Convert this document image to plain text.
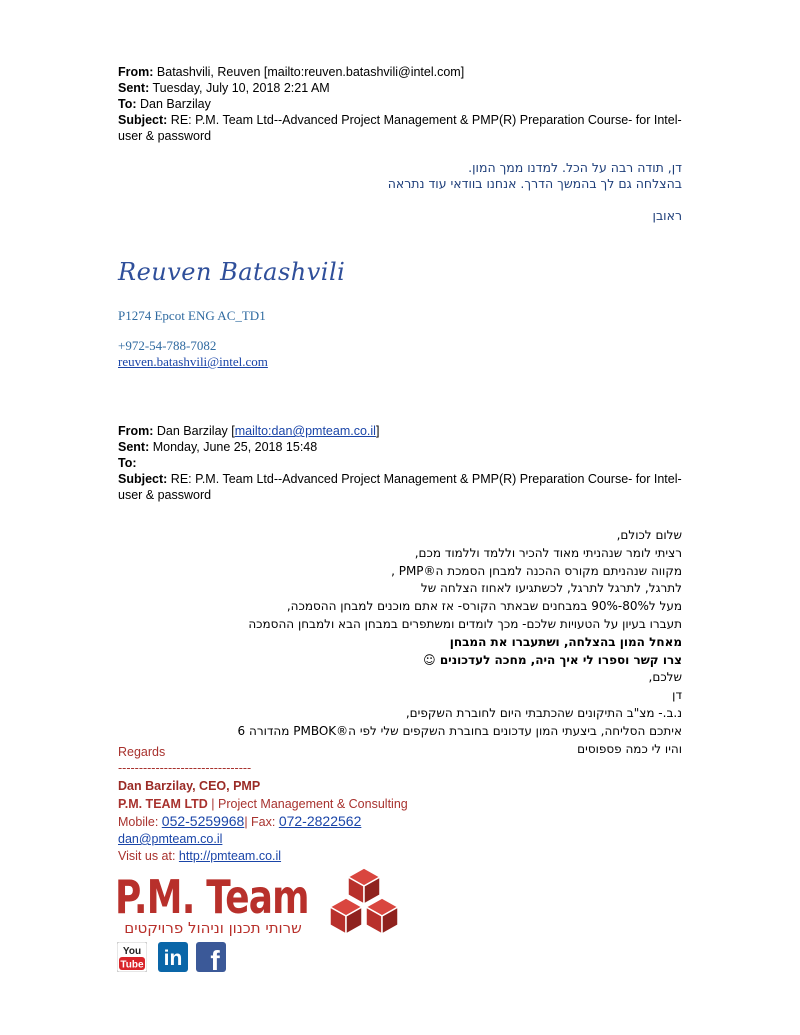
From: Batashvili, Reuven [mailto:reuven.batashvili@intel.com]
Sent: Tuesday, July 10, 2018 2:21 AM
To: Dan Barzilay
Subject: RE: P.M. Team Ltd--Advanced Project Management & PMP(R) Preparation Course- for Intel- user & password
דן, תודה רבה על הכל. למדנו ממך המון.
בהצלחה גם לך בהמשך הדרך. אנחנו בוודאי עוד נתראה
ראובן
Reuven Batashvili
P1274 Epcot ENG AC_TD1
+972-54-788-7082
reuven.batashvili@intel.com
From: Dan Barzilay [mailto:dan@pmteam.co.il]
Sent: Monday, June 25, 2018 15:48
To:
Subject: RE: P.M. Team Ltd--Advanced Project Management & PMP(R) Preparation Course- for Intel- user & password
שלום לכולם,
רציתי לומר שנהניתי מאוד להכיר וללמד וללמוד מכם,
מקווה שנהניתם מקורס ההכנה למבחן הסמכת ה®PMP ,
לתרגל, לתרגל לתרגל, לכשתגיעו לאחוז הצלחה של
מעל ל80%-90% במבחנים שבאתר הקורס- אז אתם מוכנים למבחן ההסמכה,
תעברו בעיון על הטעויות שלכם- מכך לומדים ומשתפרים במבחן הבא ולמבחן ההסמכה
מאחל המון בהצלחה, ושתעברו את המבחן
צרו קשר וספרו לי איך היה, מחכה לעדכונים ☺
שלכם,
דן
נ.ב.- מצ"ב התיקונים שהכתבתי היום לחוברת השקפים,
איתכם הסליחה, ביצעתי המון עדכונים בחוברת השקפים שלי לפי ה®PMBOK מהדורה 6
והיו לי כמה פספוסים
Regards
--------------------------------
Dan Barzilay, CEO, PMP
P.M. TEAM LTD | Project Management & Consulting
Mobile: 052-5259968| Fax: 072-2822562
dan@pmteam.co.il
Visit us at: http://pmteam.co.il
P.M. Team
שרותי תכנון וניהול פרויקטים
You
Tube in f
